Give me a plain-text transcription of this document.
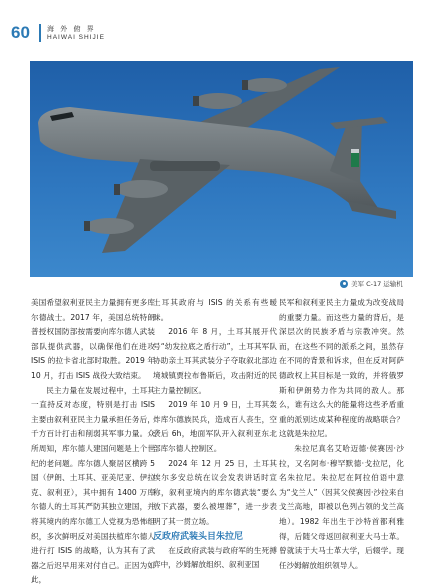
60 海 外 俯 界
HAIWAI SHIJIE
美军 C-17 运输机

美国希望叙利亚民主力量拥有更多库尔德战士。2017 年，美国总统特朗普授权国防部按需要向库尔德人武装部队提供武器，以确保他们在进攻 ISIS 的拉卡省北部时取胜。2019 年 10 月，打击 ISIS 战役大致结束。

民主力量在发展过程中，土耳其一直持反对态度，特别是打击 ISIS 主要由叙利亚民主力量承担任务后，千方百计打击和削弱其军事力量。众所周知，库尔德人建国问题是上个世纪的老问题。库尔德人聚居区横跨 5 国（伊朗、土耳其、亚美尼亚、伊拉克、叙利亚），其中拥有 1400 万库尔德人的土耳其严防其独立建国，并将其境内的库尔德工人党视为恐怖组织，多次鲜明反对美国扶植库尔德人进行打 ISIS 的战略，认为其有了武器之后迟早用来对付自己。正因为如此，

土耳其政府与 ISIS 的关系有些暧昧。

2016 年 8 月，土耳其展开代号“幼发拉底之盾行动”，土耳其军队协助亲土耳其武装分子夺取叙北部边境城镇贾拉布鲁斯后，攻击附近的民主力量控制区。

2019 年 10 月 9 日，土耳其轰炸库尔德族民兵，造成百人丧生，空袭后 6h，地面军队开入叙利亚东北部库尔德人控制区。

2024 年 12 月 25 日，土耳其埃尔多安总统在议会发表讲话时宣称，叙利亚境内的库尔德武装“要么放下武器，要么被埋葬”，进一步表明了其一贯立场。

反政府武装头目朱拉尼

在反政府武装与政府军的生死搏弈中，沙姆解放组织、叙利亚国

民军和叙利亚民主力量成为改变战局的重要力量。而这些力量的背后，是深层次的民族矛盾与宗教冲突。然而，在这些不同的派系之间，虽然存在不同的背景和诉求，但在反对阿萨德政权上其目标是一致的，并将俄罗斯和伊朗势力作为共同的敌人。那么，谁有这么大的能量将这些矛盾重重的派别达成某种程度的战略联合？这就是朱拉尼。

朱拉尼真名艾哈迈德·侯赛因·沙拉，又名阿布·穆罕默德·戈拉尼，化名朱拉尼。朱拉尼在阿拉伯语中意为“戈兰人”（因其父侯赛因·沙拉来自戈兰高地，即被以色列占领的戈兰高地）。1982 年出生于沙特首都利雅得，后随父母返回叙利亚大马士革。曾就读于大马士革大学，后辍学。现任沙姆解放组织领导人。
